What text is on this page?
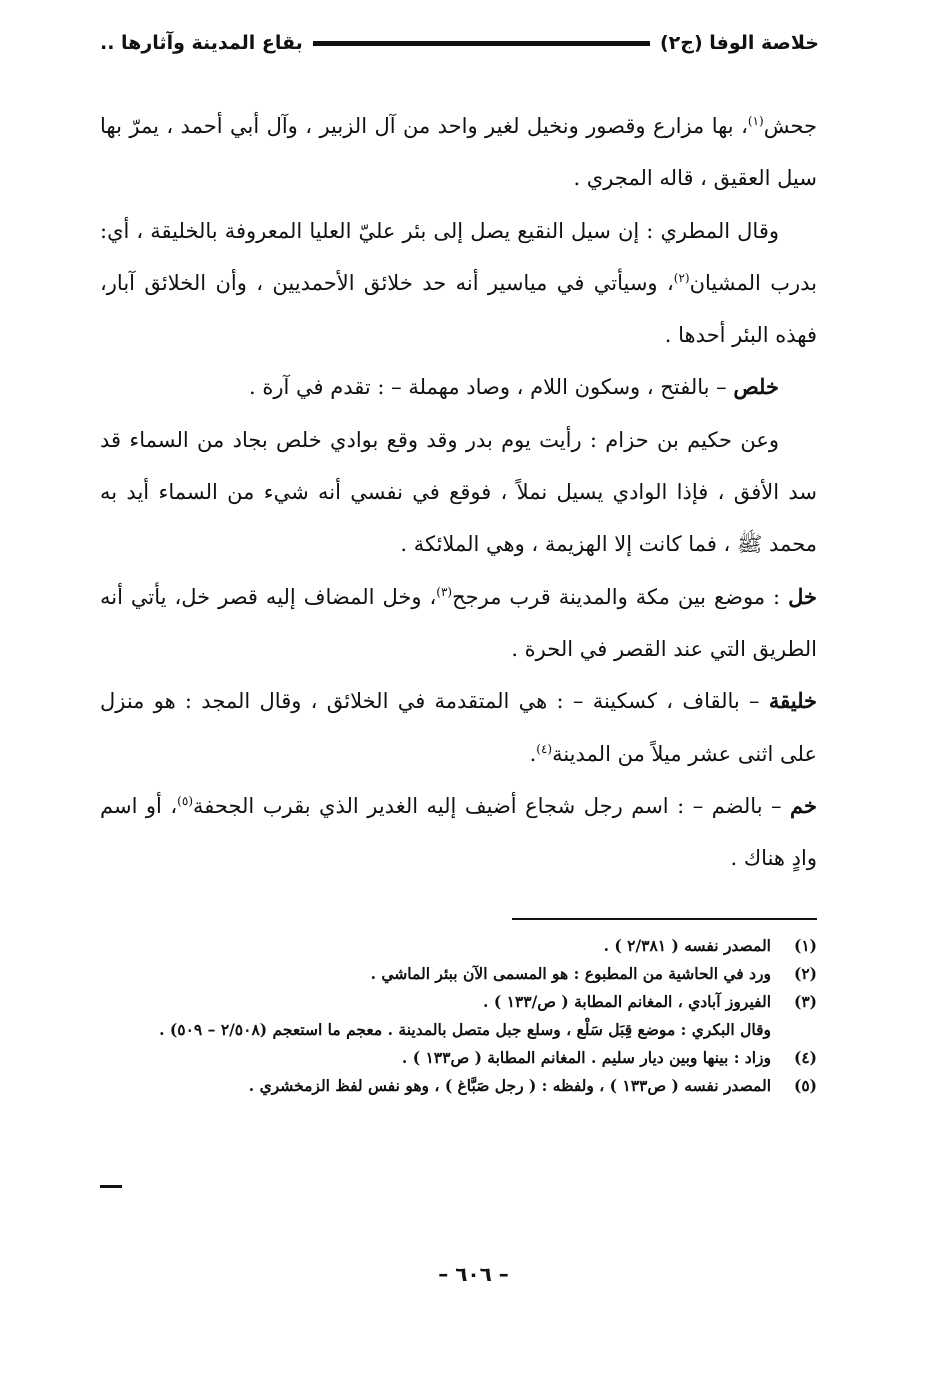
خلاصة الوفا (ج٢)
بقاع المدينة وآثارها ..

جحش$^{(١)}$، بها مزارع وقصور ونخيل لغير واحد من آل الزبير ، وآل أبي أحمد ، يمرّ بها سيل العقيق ، قاله المجري .

وقال المطري : إن سيل النقيع يصل إلى بئر عليّ العليا المعروفة بالخليقة ، أي: بدرب المشيان$^{(٢)}$، وسيأتي في مياسير أنه حد خلائق الأحمديين ، وأن الخلائق آبار، فهذه البئر أحدها .

خلص – بالفتح ، وسكون اللام ، وصاد مهملة – : تقدم في آرة .

وعن حكيم بن حزام : رأيت يوم بدر وقد وقع بوادي خلص بجاد من السماء قد سد الأفق ، فإذا الوادي يسيل نملاً ، فوقع في نفسي أنه شيء من السماء أيد به محمد ﷺ ، فما كانت إلا الهزيمة ، وهي الملائكة .

خل : موضع بين مكة والمدينة قرب مرجح$^{(٣)}$، وخل المضاف إليه قصر خل، يأتي أنه الطريق التي عند القصر في الحرة .

خليقة – بالقاف ، كسكينة – : هي المتقدمة في الخلائق ، وقال المجد : هو منزل على اثنى عشر ميلاً من المدينة$^{(٤)}$.

خم – بالضم – : اسم رجل شجاع أضيف إليه الغدير الذي بقرب الجحفة$^{(٥)}$، أو اسم وادٍ هناك .

(١)
المصدر نفسه ( ٢/٣٨١ ) .
(٢)
ورد في الحاشية من المطبوع : هو المسمى الآن ببئر الماشي .
(٣)
الفيروز آبادي ، المغانم المطابة ( ص/١٣٣ ) .
وقال البكري : موضع قِبَل سَلْع ، وسلع جبل متصل بالمدينة . معجم ما استعجم (٢/٥٠٨ – ٥٠٩) .
(٤)
وزاد : بينها وبين ديار سليم . المغانم المطابة ( ص١٣٣ ) .
(٥)
المصدر نفسه ( ص١٣٣ ) ، ولفظه : ( رجل صَبَّاغ ) ، وهو نفس لفظ الزمخشري .
– ٦٠٦ –
